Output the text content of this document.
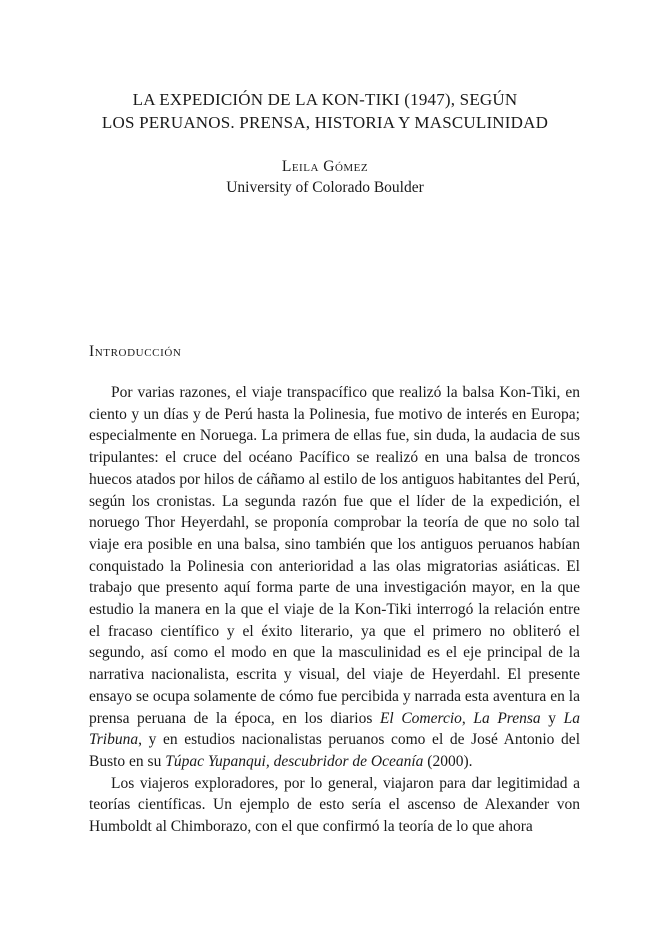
LA EXPEDICIÓN DE LA KON-TIKI (1947), SEGÚN
LOS PERUANOS. PRENSA, HISTORIA Y MASCULINIDAD
Leila Gómez
University of Colorado Boulder
Introducción

Por varias razones, el viaje transpacífico que realizó la balsa Kon-Tiki, en ciento y un días y de Perú hasta la Polinesia, fue motivo de interés en Europa; especialmente en Noruega. La primera de ellas fue, sin duda, la audacia de sus tripulantes: el cruce del océano Pacífico se realizó en una balsa de troncos huecos atados por hilos de cáñamo al estilo de los antiguos habitantes del Perú, según los cronistas. La segunda razón fue que el líder de la expedición, el noruego Thor Heyerdahl, se proponía comprobar la teoría de que no solo tal viaje era posible en una balsa, sino también que los antiguos peruanos habían conquistado la Polinesia con anterioridad a las olas migratorias asiáticas. El trabajo que presento aquí forma parte de una investigación mayor, en la que estudio la manera en la que el viaje de la Kon-Tiki interrogó la relación entre el fracaso científico y el éxito literario, ya que el primero no obliteró el segundo, así como el modo en que la masculinidad es el eje principal de la narrativa nacionalista, escrita y visual, del viaje de Heyerdahl. El presente ensayo se ocupa solamente de cómo fue percibida y narrada esta aventura en la prensa peruana de la época, en los diarios El Comercio, La Prensa y La Tribuna, y en estudios nacionalistas peruanos como el de José Antonio del Busto en su Túpac Yupanqui, descubridor de Oceanía (2000).

Los viajeros exploradores, por lo general, viajaron para dar legitimidad a teorías científicas. Un ejemplo de esto sería el ascenso de Alexander von Humboldt al Chimborazo, con el que confirmó la teoría de lo que ahora
